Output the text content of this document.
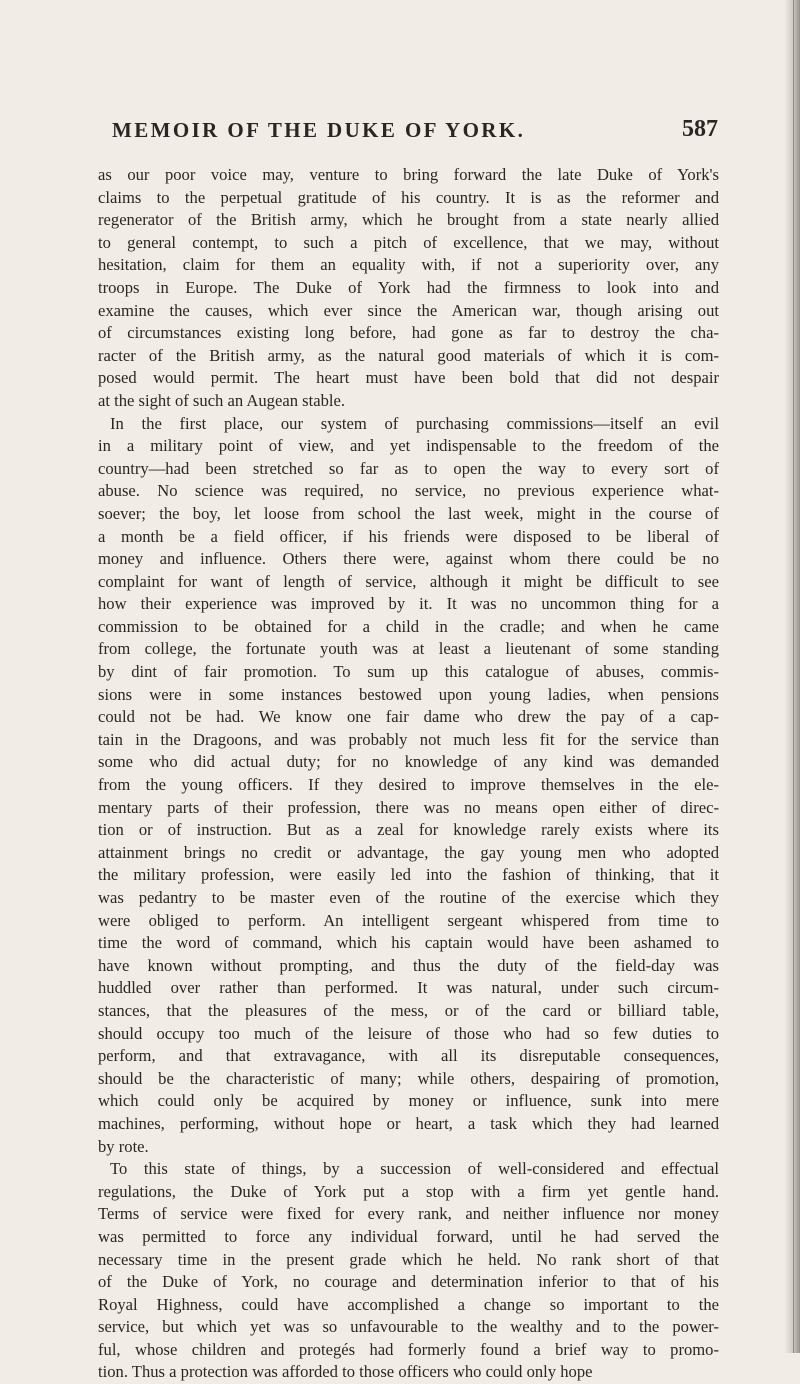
MEMOIR OF THE DUKE OF YORK.	587
as our poor voice may, venture to bring forward the late Duke of York's
claims to the perpetual gratitude of his country. It is as the reformer and
regenerator of the British army, which he brought from a state nearly allied
to general contempt, to such a pitch of excellence, that we may, without
hesitation, claim for them an equality with, if not a superiority over, any
troops in Europe. The Duke of York had the firmness to look into and
examine the causes, which ever since the American war, though arising out
of circumstances existing long before, had gone as far to destroy the cha-
racter of the British army, as the natural good materials of which it is com-
posed would permit. The heart must have been bold that did not despair
at the sight of such an Augean stable.
In the first place, our system of purchasing commissions—itself an evil
in a military point of view, and yet indispensable to the freedom of the
country—had been stretched so far as to open the way to every sort of
abuse. No science was required, no service, no previous experience what-
soever; the boy, let loose from school the last week, might in the course of
a month be a field officer, if his friends were disposed to be liberal of
money and influence. Others there were, against whom there could be no
complaint for want of length of service, although it might be difficult to see
how their experience was improved by it. It was no uncommon thing for a
commission to be obtained for a child in the cradle; and when he came
from college, the fortunate youth was at least a lieutenant of some standing
by dint of fair promotion. To sum up this catalogue of abuses, commis-
sions were in some instances bestowed upon young ladies, when pensions
could not be had. We know one fair dame who drew the pay of a cap-
tain in the Dragoons, and was probably not much less fit for the service than
some who did actual duty; for no knowledge of any kind was demanded
from the young officers. If they desired to improve themselves in the ele-
mentary parts of their profession, there was no means open either of direc-
tion or of instruction. But as a zeal for knowledge rarely exists where its
attainment brings no credit or advantage, the gay young men who adopted
the military profession, were easily led into the fashion of thinking, that it
was pedantry to be master even of the routine of the exercise which they
were obliged to perform. An intelligent sergeant whispered from time to
time the word of command, which his captain would have been ashamed to
have known without prompting, and thus the duty of the field-day was
huddled over rather than performed. It was natural, under such circum-
stances, that the pleasures of the mess, or of the card or billiard table,
should occupy too much of the leisure of those who had so few duties to
perform, and that extravagance, with all its disreputable consequences,
should be the characteristic of many; while others, despairing of promotion,
which could only be acquired by money or influence, sunk into mere
machines, performing, without hope or heart, a task which they had learned
by rote.
To this state of things, by a succession of well-considered and effectual
regulations, the Duke of York put a stop with a firm yet gentle hand.
Terms of service were fixed for every rank, and neither influence nor money
was permitted to force any individual forward, until he had served the
necessary time in the present grade which he held. No rank short of that
of the Duke of York, no courage and determination inferior to that of his
Royal Highness, could have accomplished a change so important to the
service, but which yet was so unfavourable to the wealthy and to the power-
ful, whose children and protegés had formerly found a brief way to promo-
tion. Thus a protection was afforded to those officers who could only hope
